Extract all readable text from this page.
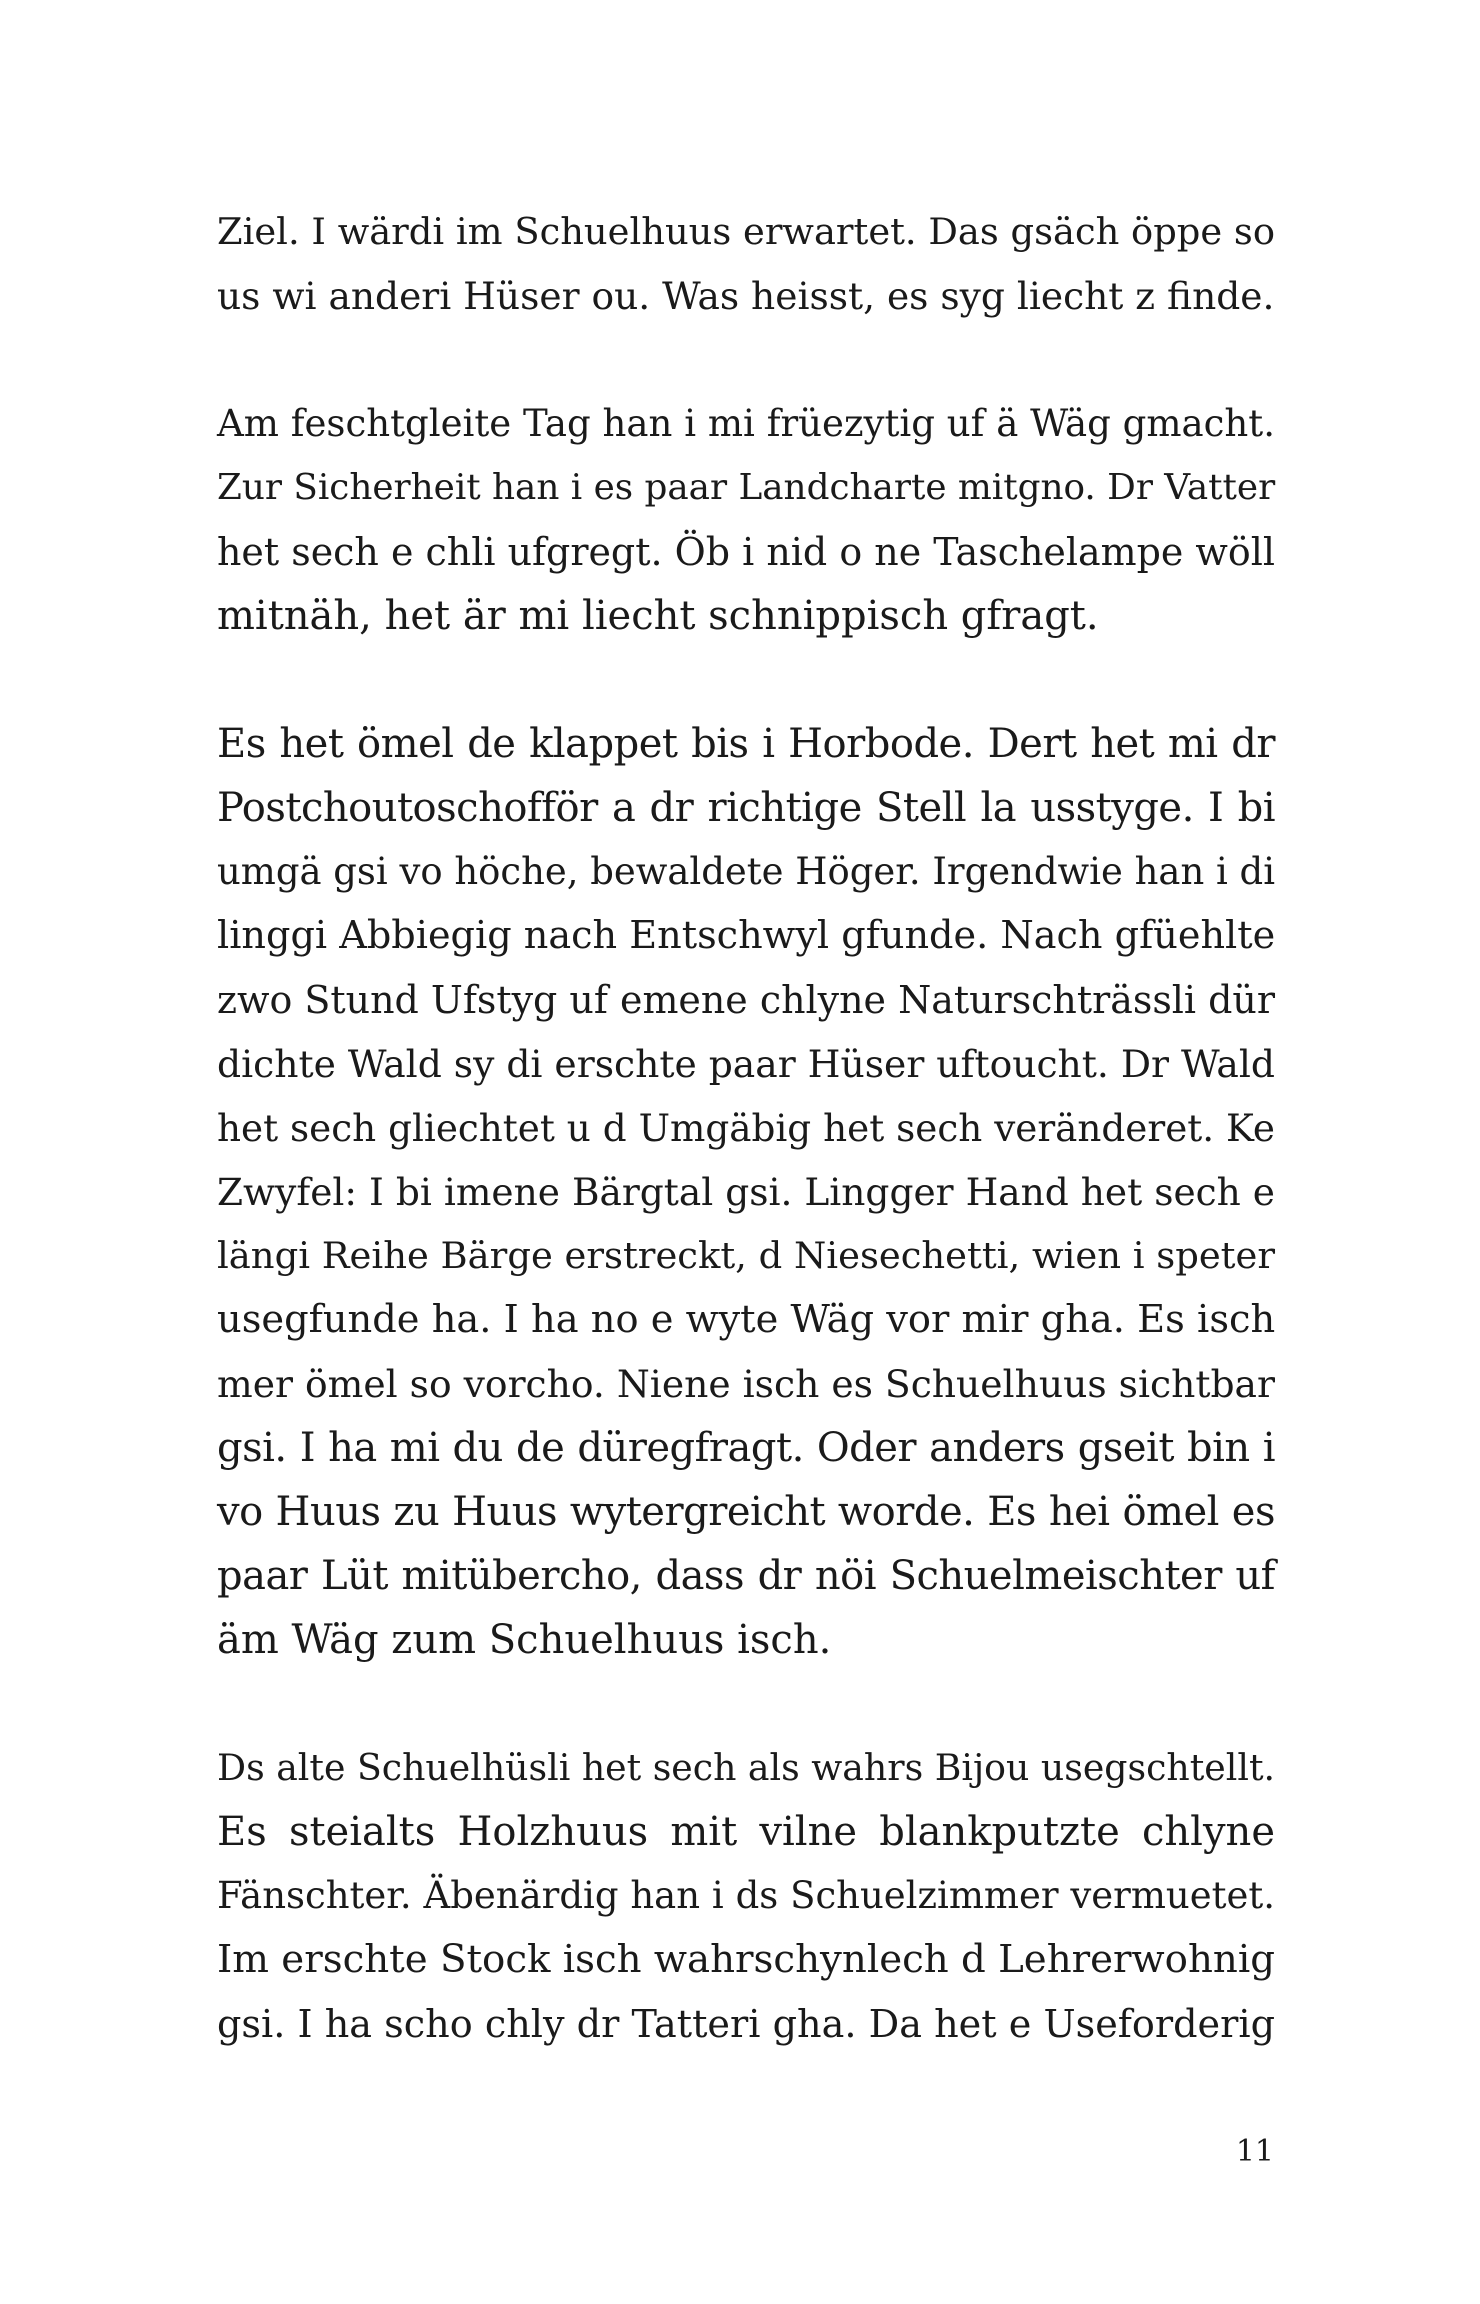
Ziel. I wärdi im Schuelhuus erwartet. Das gsäch öppe so
us wi anderi Hüser ou. Was heisst, es syg liecht z finde.

Am feschtgleite Tag han i mi früezytig uf ä Wäg gmacht.
Zur Sicherheit han i es paar Landcharte mitgno. Dr Vatter
het sech e chli ufgregt. Öb i nid o ne Taschelampe wöll
mitnäh, het är mi liecht schnippisch gfragt.

Es het ömel de klappet bis i Horbode. Dert het mi dr
Postchoutoschofför a dr richtige Stell la usstyge. I bi
umgä gsi vo höche, bewaldete Höger. Irgendwie han i di
linggi Abbiegig nach Entschwyl gfunde. Nach gfüehlte
zwo Stund Ufstyg uf emene chlyne Naturschträssli dür
dichte Wald sy di erschte paar Hüser uftoucht. Dr Wald
het sech gliechtet u d Umgäbig het sech veränderet. Ke
Zwyfel: I bi imene Bärgtal gsi. Lingger Hand het sech e
längi Reihe Bärge erstreckt, d Niesechetti, wien i speter
usegfunde ha. I ha no e wyte Wäg vor mir gha. Es isch
mer ömel so vorcho. Niene isch es Schuelhuus sichtbar
gsi. I ha mi du de düregfragt. Oder anders gseit bin i
vo Huus zu Huus wytergreicht worde. Es hei ömel es
paar Lüt mitübercho, dass dr nöi Schuelmeischter uf
äm Wäg zum Schuelhuus isch.

Ds alte Schuelhüsli het sech als wahrs Bijou usegschtellt.
Es steialts Holzhuus mit vilne blankputzte chlyne
Fänschter. Äbenärdig han i ds Schuelzimmer vermuetet.
Im erschte Stock isch wahrschynlech d Lehrerwohnig
gsi. I ha scho chly dr Tatteri gha. Da het e Useforderig

11
